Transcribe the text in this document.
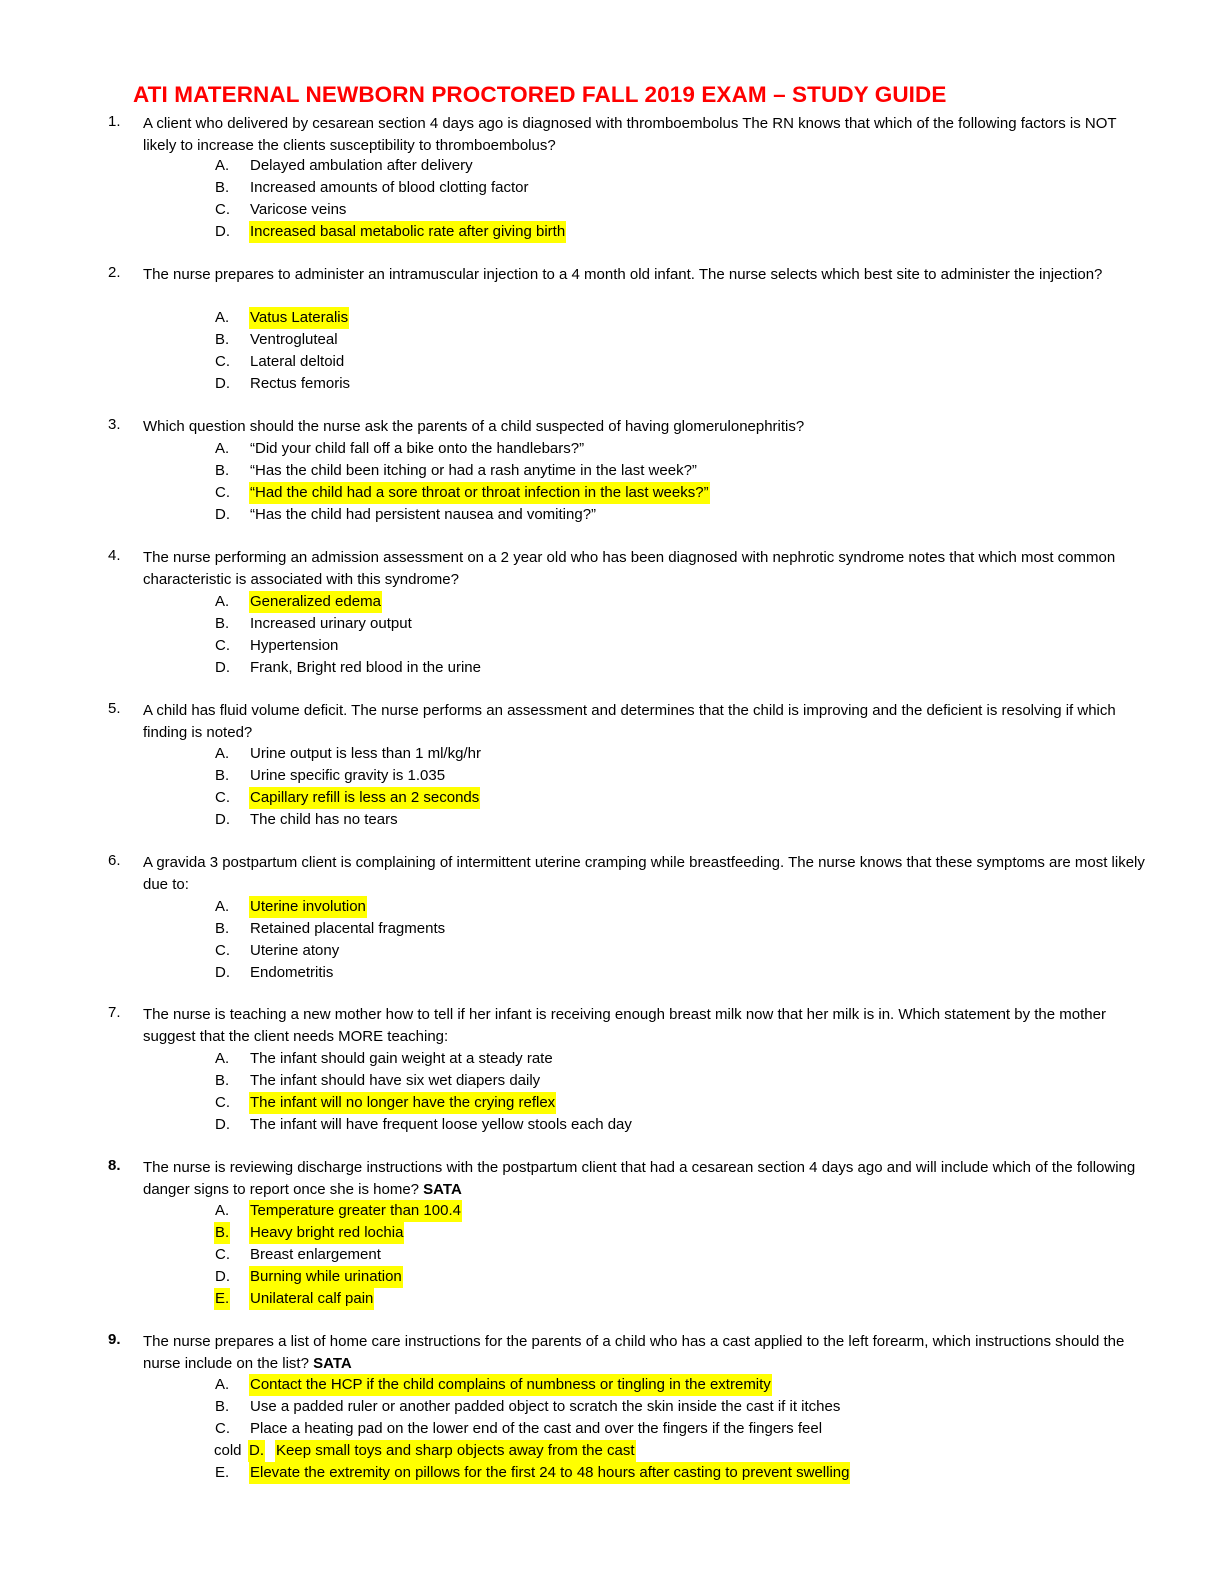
ATI MATERNAL NEWBORN PROCTORED FALL 2019 EXAM – STUDY GUIDE
1. A client who delivered by cesarean section 4 days ago is diagnosed with thromboembolus The RN knows that which of the following factors is NOT likely to increase the clients susceptibility to thromboembolus?
A. Delayed ambulation after delivery
B. Increased amounts of blood clotting factor
C. Varicose veins
D. Increased basal metabolic rate after giving birth
2. The nurse prepares to administer an intramuscular injection to a 4 month old infant. The nurse selects which best site to administer the injection?
A. Vatus Lateralis
B. Ventrogluteal
C. Lateral deltoid
D. Rectus femoris
3. Which question should the nurse ask the parents of a child suspected of having glomerulonephritis?
A. “Did your child fall off a bike onto the handlebars?”
B. “Has the child been itching or had a rash anytime in the last week?”
C. “Had the child had a sore throat or throat infection in the last weeks?”
D. “Has the child had persistent nausea and vomiting?”
4. The nurse performing an admission assessment on a 2 year old who has been diagnosed with nephrotic syndrome notes that which most common characteristic is associated with this syndrome?
A. Generalized edema
B. Increased urinary output
C. Hypertension
D. Frank, Bright red blood in the urine
5. A child has fluid volume deficit. The nurse performs an assessment and determines that the child is improving and the deficient is resolving if which finding is noted?
A. Urine output is less than 1 ml/kg/hr
B. Urine specific gravity is 1.035
C. Capillary refill is less an 2 seconds
D. The child has no tears
6. A gravida 3 postpartum client is complaining of intermittent uterine cramping while breastfeeding. The nurse knows that these symptoms are most likely due to:
A. Uterine involution
B. Retained placental fragments
C. Uterine atony
D. Endometritis
7. The nurse is teaching a new mother how to tell if her infant is receiving enough breast milk now that her milk is in. Which statement by the mother suggest that the client needs MORE teaching:
A. The infant should gain weight at a steady rate
B. The infant should have six wet diapers daily
C. The infant will no longer have the crying reflex
D. The infant will have frequent loose yellow stools each day
8. The nurse is reviewing discharge instructions with the postpartum client that had a cesarean section 4 days ago and will include which of the following danger signs to report once she is home? SATA
A. Temperature greater than 100.4
B. Heavy bright red lochia
C. Breast enlargement
D. Burning while urination
E. Unilateral calf pain
9. The nurse prepares a list of home care instructions for the parents of a child who has a cast applied to the left forearm, which instructions should the nurse include on the list? SATA
A. Contact the HCP if the child complains of numbness or tingling in the extremity
B. Use a padded ruler or another padded object to scratch the skin inside the cast if it itches
C. Place a heating pad on the lower end of the cast and over the fingers if the fingers feel
cold D. Keep small toys and sharp objects away from the cast
E. Elevate the extremity on pillows for the first 24 to 48 hours after casting to prevent swelling
